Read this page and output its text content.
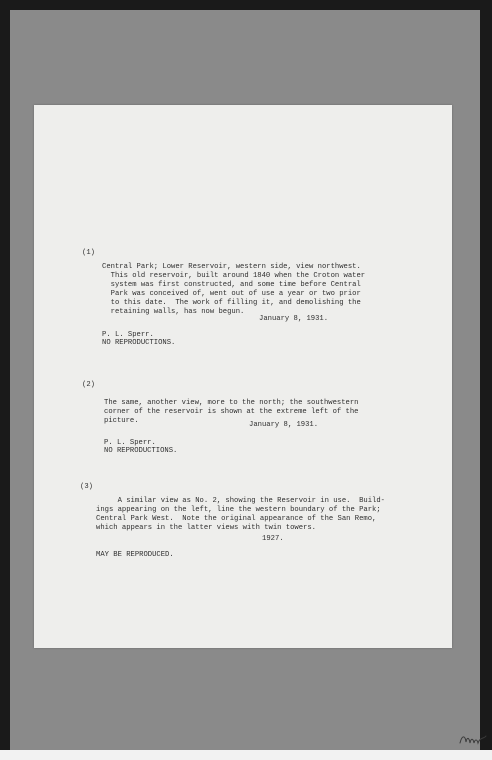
(1)
Central Park; Lower Reservoir, western side, view northwest.
This old reservoir, built around 1840 when the Croton water
system was first constructed, and some time before Central
Park was conceived of, went out of use a year or two prior
to this date.  The work of filling it, and demolishing the
retaining walls, has now begun.
January 8, 1931.
P. L. Sperr.
NO REPRODUCTIONS.
(2)
The same, another view, more to the north; the southwestern
corner of the reservoir is shown at the extreme left of the
picture.	January 8, 1931.
P. L. Sperr.
NO REPRODUCTIONS.
(3)
A similar view as No. 2, showing the Reservoir in use.  Build-
ings appearing on the left, line the western boundary of the Park;
Central Park West.  Note the original appearance of the San Remo,
which appears in the latter views with twin towers.
1927.
MAY BE REPRODUCED.
